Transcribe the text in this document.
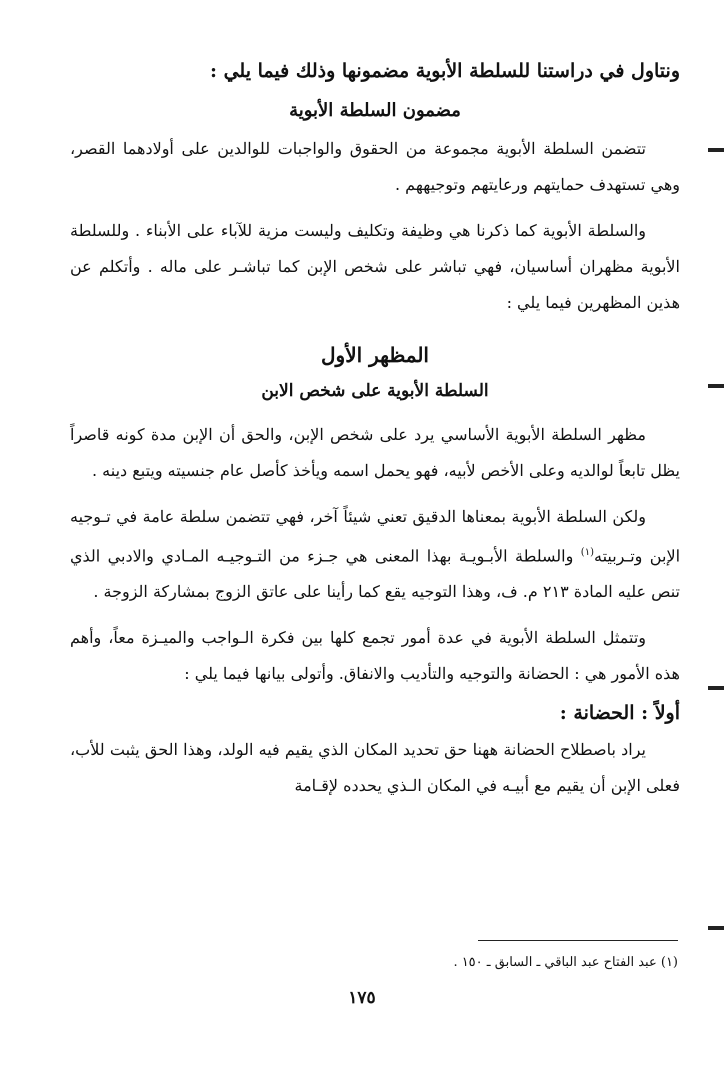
ونتاول في دراستنا للسلطة الأبوية مضمونها وذلك فيما يلي :
مضمون السلطة الأبوية

تتضمن السلطة الأبوية مجموعة من الحقوق والواجبات للوالدين على أولادهما القصر، وهي تستهدف حمايتهم ورعايتهم وتوجيههم .

والسلطة الأبوية كما ذكرنا هي وظيفة وتكليف وليست مزية للآباء على الأبناء . وللسلطة الأبوية مظهران أساسيان، فهي تباشر على شخص الإبن كما تباشـر على ماله . وأتكلم عن هذين المظهرين فيما يلي :

المظهر الأول
السلطة الأبوية على شخص الابن

مظهر السلطة الأبوية الأساسي يرد على شخص الإبن، والحق أن الإبن مدة كونه قاصراً يظل تابعاً لوالديه وعلى الأخص لأبيه، فهو يحمل اسمه ويأخذ كأصل عام جنسيته ويتبع دينه .

ولكن السلطة الأبوية بمعناها الدقيق تعني شيئاً آخر، فهي تتضمن سلطة عامة في تـوجيه الإبن وتـربيته$^{(١)}$ والسلطة الأبـويـة بهذا المعنى هي جـزء من التـوجيـه المـادي والادبي الذي تنص عليه المادة ٢١٣ م. ف، وهذا التوجيه يقع كما رأينا على عاتق الزوج بمشاركة الزوجة .

وتتمثل السلطة الأبوية في عدة أمور تجمع كلها بين فكرة الـواجب والميـزة معاً، وأهم هذه الأمور هي : الحضانة والتوجيه والتأديب والانفاق. وأتولى بيانها فيما يلي :

أولاً : الحضانة :

يراد باصطلاح الحضانة ههنا حق تحديد المكان الذي يقيم فيه الولد، وهذا الحق يثبت للأب، فعلى الإبن أن يقيم مع أبيـه في المكان الـذي يحدده لإقـامة

(١) عبد الفتاح عبد الباقي ـ السابق ـ ١٥٠ .
١٧٥
